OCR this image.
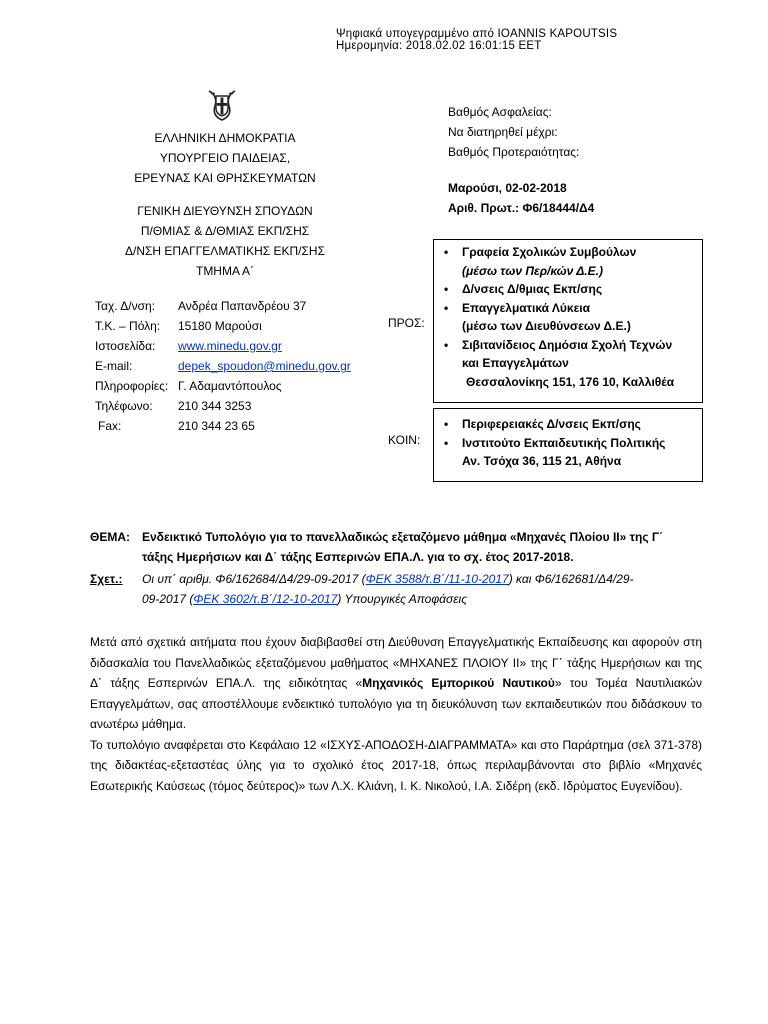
Ψηφιακά υπογεγραμμένο από IOANNIS KAPOUTSIS
Ημερομηνία: 2018.02.02 16:01:15 EET
ΕΛΛΗΝΙΚΗ ΔΗΜΟΚΡΑΤΙΑ
ΥΠΟΥΡΓΕΙΟ ΠΑΙΔΕΙΑΣ,
ΕΡΕΥΝΑΣ ΚΑΙ ΘΡΗΣΚΕΥΜΑΤΩΝ
ΓΕΝΙΚΗ ΔΙΕΥΘΥΝΣΗ ΣΠΟΥΔΩΝ
Π/ΘΜΙΑΣ & Δ/ΘΜΙΑΣ ΕΚΠ/ΣΗΣ
Δ/ΝΣΗ ΕΠΑΓΓΕΛΜΑΤΙΚΗΣ ΕΚΠ/ΣΗΣ
ΤΜΗΜΑ Α΄
Ταχ. Δ/νση:	Ανδρέα Παπανδρέου 37
Τ.Κ. – Πόλη:	15180 Μαρούσι
Ιστοσελίδα:	www.minedu.gov.gr
E-mail:	depek_spoudon@minedu.gov.gr
Πληροφορίες: Γ. Αδαμαντόπουλος
Τηλέφωνο:	210 344 3253
Fax:	210 344 23 65
Βαθμός Ασφαλείας:
Να διατηρηθεί μέχρι:
Βαθμός Προτεραιότητας:
Μαρούσι, 02-02-2018
Αριθ. Πρωτ.: Φ6/18444/Δ4
ΠΡΟΣ:
• Γραφεία Σχολικών Συμβούλων
(μέσω των Περ/κών Δ.Ε.)
• Δ/νσεις Δ/θμιας Εκπ/σης
• Επαγγελματικά Λύκεια
(μέσω των Διευθύνσεων Δ.Ε.)
• Σιβιτανίδειος Δημόσια Σχολή Τεχνών
και Επαγγελμάτων
Θεσσαλονίκης 151, 176 10, Καλλιθέα
ΚΟΙΝ:
• Περιφερειακές Δ/νσεις Εκπ/σης
• Ινστιτούτο Εκπαιδευτικής Πολιτικής
Αν. Τσόχα 36, 115 21, Αθήνα
ΘΕΜΑ:	Ενδεικτικό Τυπολόγιο για το πανελλαδικώς εξεταζόμενο μάθημα «Μηχανές Πλοίου ΙΙ» της Γ΄
τάξης Ημερήσιων και Δ΄ τάξης Εσπερινών ΕΠΑ.Λ. για το σχ. έτος 2017-2018.
Σχετ.:	Οι υπ΄ αριθμ. Φ6/162684/Δ4/29-09-2017 (ΦΕΚ 3588/τ.Β΄/11-10-2017) και Φ6/162681/Δ4/29-
09-2017 (ΦΕΚ 3602/τ.Β΄/12-10-2017) Υπουργικές Αποφάσεις

Μετά από σχετικά αιτήματα που έχουν διαβιβασθεί στη Διεύθυνση Επαγγελματικής Εκπαίδευσης και αφορούν στη διδασκαλία του Πανελλαδικώς εξεταζόμενου μαθήματος «ΜΗΧΑΝΕΣ ΠΛΟΙΟΥ ΙΙ» της Γ΄ τάξης Ημερήσιων και της Δ΄ τάξης Εσπερινών ΕΠΑ.Λ. της ειδικότητας «Μηχανικός Εμπορικού Ναυτικού» του Τομέα Ναυτιλιακών Επαγγελμάτων, σας αποστέλλουμε ενδεικτικό τυπολόγιο για τη διευκόλυνση των εκπαιδευτικών που διδάσκουν το ανωτέρω μάθημα.

Το τυπολόγιο αναφέρεται στο Κεφάλαιο 12 «ΙΣΧΥΣ-ΑΠΟΔΟΣΗ-ΔΙΑΓΡΑΜΜΑΤΑ» και στο Παράρτημα (σελ 371-378) της διδακτέας-εξεταστέας ύλης για το σχολικό έτος 2017-18, όπως περιλαμβάνονται στο βιβλίο «Μηχανές Εσωτερικής Καύσεως (τόμος δεύτερος)» των Λ.Χ. Κλιάνη, Ι. Κ. Νικολού, Ι.Α. Σιδέρη (εκδ. Ιδρύματος Ευγενίδου).
